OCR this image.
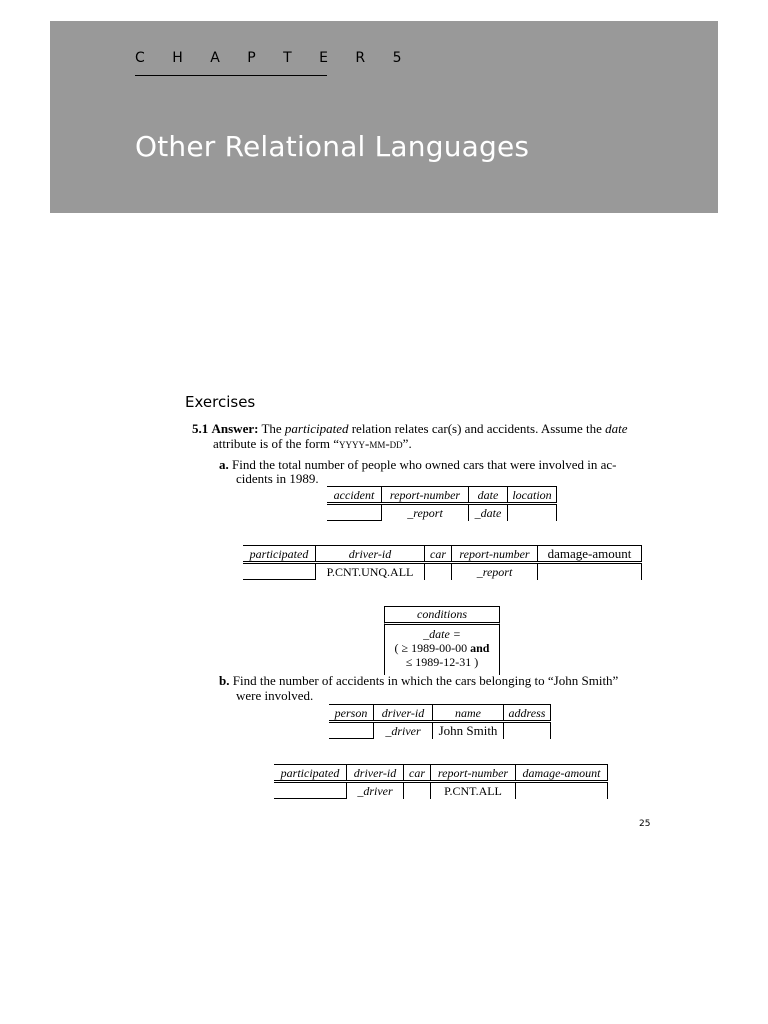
C H A P T E R 5
Other Relational Languages
Exercises
5.1 Answer: The participated relation relates car(s) and accidents. Assume the date
attribute is of the form “yyyy-mm-dd”.
a. Find the total number of people who owned cars that were involved in ac-
cidents in 1989.
accident	report-number	date	location
	_report	_date	
participated	driver-id	car	report-number	damage-amount
	P.CNT.UNQ.ALL		_report	
conditions
_date =
( ≥ 1989-00-00 and
≤ 1989-12-31 )
b. Find the number of accidents in which the cars belonging to “John Smith”
were involved.
person	driver-id	name	address
	_driver	John Smith	
participated	driver-id	car	report-number	damage-amount
	_driver		P.CNT.ALL	
25
